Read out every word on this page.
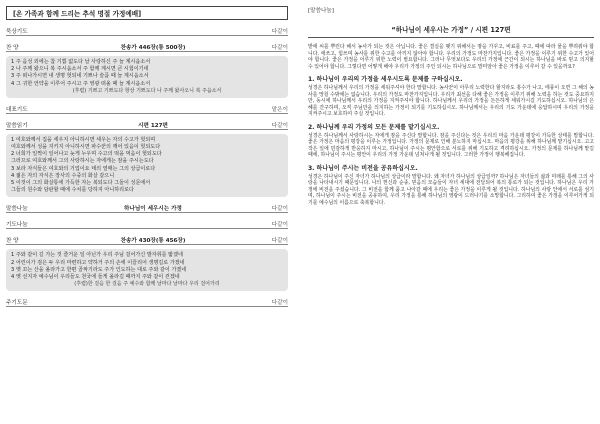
[온 가족과 함께 드리는 추석 명절 가정예배]
묵상기도	다같이
찬 양	찬송가 446장(통 500장)	다같이

1 주 음성 외에는 참 기쁨 없도다 날 사랑하신 주 늘 계시옵소서

2 나 주께 왔으니 복 주시옵소서 주 함께 계시면 큰 시험이기네

3 주 떠나가시면 내 생명 헛되네 기쁘나 슬픔 때 늘 계시옵소서

4 그 귀한 언약을 이루어 주시고 주 영광 떠올 때 늘 계시옵소서

(후렴) 기쁘고 기쁘도다 항상 기쁘도다 나 주께 왔사오니 복 주옵소서

대표기도	맡은이
말씀읽기	시편 127편	다같이

1 여호와께서 집을 세우지 아니하시면 세우는 자의 수고가 헛되며

여호와께서 성을 지키지 아니하시면 파수꾼의 깨어 있음이 헛되도다

2 너희가 일찍이 일어나고 늦게 누우며 수고의 떡을 먹음이 헛되도다

그러므로 여호와께서 그의 사랑하시는 자에게는 잠을 주시는도다

3 보라 자식들은 여호와의 기업이요 태의 열매는 그의 상급이로다

4 젊은 자의 자식은 장사의 수중의 화살 같으니

5 이것이 그의 화살통에 가득한 자는 복되도다 그들이 성문에서

그들의 원수와 담판할 때에 수치를 당하지 아니하리로다

말씀나눔	하나님이 세우시는 가정	다같이
기도나눔	다같이
찬 양	찬송가 430장(통 456장)	다같이

1 주와 같이 길 가는 것 즐거운 일 아닌가 우리 주님 걸어가신 발자취를 밟겠네

2 어린이가 검은 두 우리 마련하고 약하거 주의 손에 이끌리어 생명길로 가겠네

3 옛 꼬는 산을 올라가고 한편 골짜기라도 주가 인도하는 대로 주와 같이 가겠네

4 옛 선지자 예수님이 우리들도 천국에 들게 올라길 때까지 주와 같이 걷겠네

(후렴)한 걸음 한 걸음 주 예수와 함께 날마다 날마다 우리 걸어가리

주기도문	다같이
[말씀나눔]
“하나님이 세우시는 가정” / 시편 127편

밭에 씨를 뿌린다 해서 농사가 되는 것은 아닙니다. 좋은 결실을 맺기 위해서는 땅을 가꾸고, 비료를 주고, 때에 따라 물을 뿌려줘야 합니다. 애쓰고, 힘쓰며 농사를 위한 수고를 아끼지 않아야 합니다. 우리의 가정도 마찬가지입니다. 좋은 가정을 이루기 위한 수고가 있어야 합니다. 좋은 가정을 이루기 위한 노력이 필요합니다. 그러나 무엇보다도 우리의 가정에 근간이 되시는 하나님을 바로 믿고 의지할 수 있어야 합니다. 그렇다면 어떻게 해야 우리가 가정의 주인 되시는 하나님으로 말미암아 좋은 가정을 이루어 갈 수 있을까요?

1. 하나님이 우리의 가정을 세우시도록 문제를 구하십시오.

성경은 하나님께서 우리의 가정을 세워주셔야 한다 말합니다. 농사꾼이 아무리 노력한다 할지라도 홍수가 나고, 태풍이 오면 그 해의 농사를 망칠 수밖에는 없습니다. 우리의 가정도 마찬가지입니다. 우리가 최선을 다해 좋은 가정을 이루기 위해 노력을 하는 것도 중요하지만, 동시에 하나님께서 우리의 가정을 지켜주셔야 합니다. 하나님께서 우리의 가정을 든든하게 세워가시길 기도하십시오. 하나님의 은혜를 간구하며, 오직 주님만을 의지하는 가정이 되기를 기도하십시오. 하나님께서는 우리의 기도 가운데에 응답하시며 우리의 가정을 지켜주시고 보호하여 주실 것입니다.

2. 하나님께 우리 가정의 모든 문제를 맡기십시오.

성경은 하나님께서 사랑하시는 자에게 잠을 주신다 말합니다. 잠을 주신다는 것은 우리의 마음 가운데 평강이 가득한 상태를 말합니다. 좋은 가정은 마음의 평강을 이루는 가정입니다. 가정의 문제로 인해 분노하지 마십시오. 마음의 평강을 위해 하나님께 맡기십시오. 고고 작은 일에 민감하게 반응하지 마시고, 하나님이 주시는 평안함으로 서로를 위해 기도하고 격려하십시오. 가정의 문제를 하나님께 맡길 때에, 하나님이 주시는 평안이 우리의 가정 가운데 넘쳐나게 될 것입니다. 그러한 가정이 행복해집니다.

3. 하나님이 주시는 비전을 공유하십시오.

성경은 하나님이 주신 자녀가 하나님의 상급이라 말합니다. 왜 자녀가 하나님의 상급일까? 하나님은 자녀들의 삶과 미래를 통해 그의 사랑을 나타내시기 때문입니다. 나의 헌신과 순종, 믿음의 모습들이 자녀 세대에 전달되어 복의 통로가 되는 것입니다. 하나님은 우리 가정에 비전을 주셨습니다. 그 비전을 함께 품고 나아갈 때에 우리는 좋은 가정을 이루게 될 것입니다. 하나님의 사랑 안에서 서로를 섬기며, 하나님이 주시는 비전을 공유하여, 우리 가정을 통해 하나님의 영광이 드러나기를 소망합니다. 그리하여 좋은 가정을 이루어가게 되기를 예수님의 이름으로 축복합니다.
